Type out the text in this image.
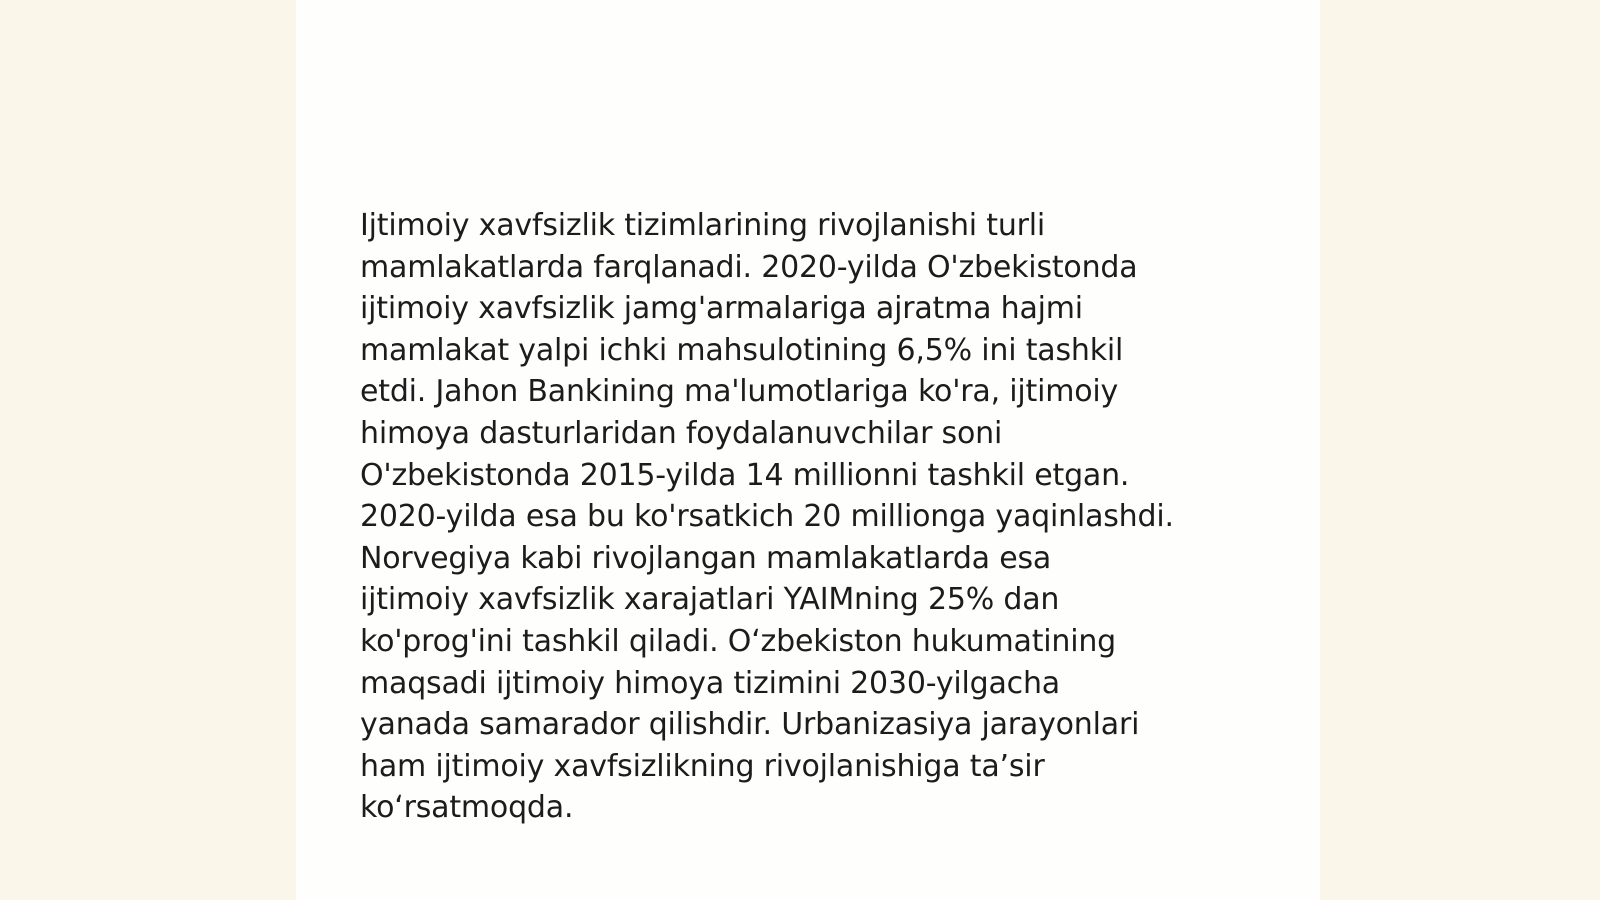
Ijtimoiy xavfsizlik tizimlarining rivojlanishi turli
mamlakatlarda farqlanadi. 2020-yilda O'zbekistonda
ijtimoiy xavfsizlik jamg'armalariga ajratma hajmi
mamlakat yalpi ichki mahsulotining 6,5% ini tashkil
etdi. Jahon Bankining ma'lumotlariga ko'ra, ijtimoiy
himoya dasturlaridan foydalanuvchilar soni
O'zbekistonda 2015-yilda 14 millionni tashkil etgan.
2020-yilda esa bu ko'rsatkich 20 millionga yaqinlashdi.
Norvegiya kabi rivojlangan mamlakatlarda esa
ijtimoiy xavfsizlik xarajatlari YAIMning 25% dan
ko'prog'ini tashkil qiladi. Oʻzbekiston hukumatining
maqsadi ijtimoiy himoya tizimini 2030-yilgacha
yanada samarador qilishdir. Urbanizasiya jarayonlari
ham ijtimoiy xavfsizlikning rivojlanishiga taʼsir
koʻrsatmoqda.
